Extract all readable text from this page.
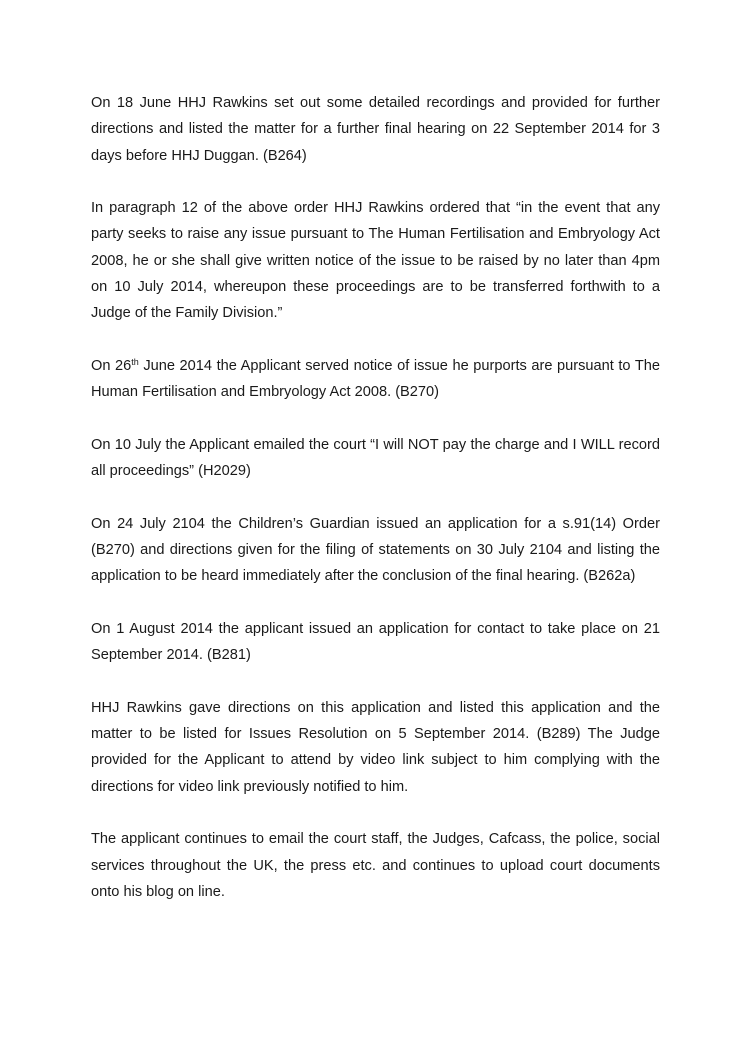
On 18 June HHJ Rawkins set out some detailed recordings and provided for further directions and listed the matter for a further final hearing on 22 September 2014 for 3 days before HHJ Duggan. (B264)

In paragraph 12 of the above order HHJ Rawkins ordered that “in the event that any party seeks to raise any issue pursuant to The Human Fertilisation and Embryology Act 2008, he or she shall give written notice of the issue to be raised by no later than 4pm on 10 July 2014, whereupon these proceedings are to be transferred forthwith to a Judge of the Family Division.”

On 26th June 2014 the Applicant served notice of issue he purports are pursuant to The Human Fertilisation and Embryology Act 2008. (B270)

On 10 July the Applicant emailed the court “I will NOT pay the charge and I WILL record all proceedings” (H2029)

On 24 July 2104 the Children’s Guardian issued an application for a s.91(14) Order (B270) and directions given for the filing of statements on 30 July 2104 and listing the application to be heard immediately after the conclusion of the final hearing. (B262a)

On 1 August 2014 the applicant issued an application for contact to take place on 21 September 2014. (B281)

HHJ Rawkins gave directions on this application and listed this application and the matter to be listed for Issues Resolution on 5 September 2014. (B289) The Judge provided for the Applicant to attend by video link subject to him complying with the directions for video link previously notified to him.

The applicant continues to email the court staff, the Judges, Cafcass, the police, social services throughout the UK, the press etc. and continues to upload court documents onto his blog on line.
